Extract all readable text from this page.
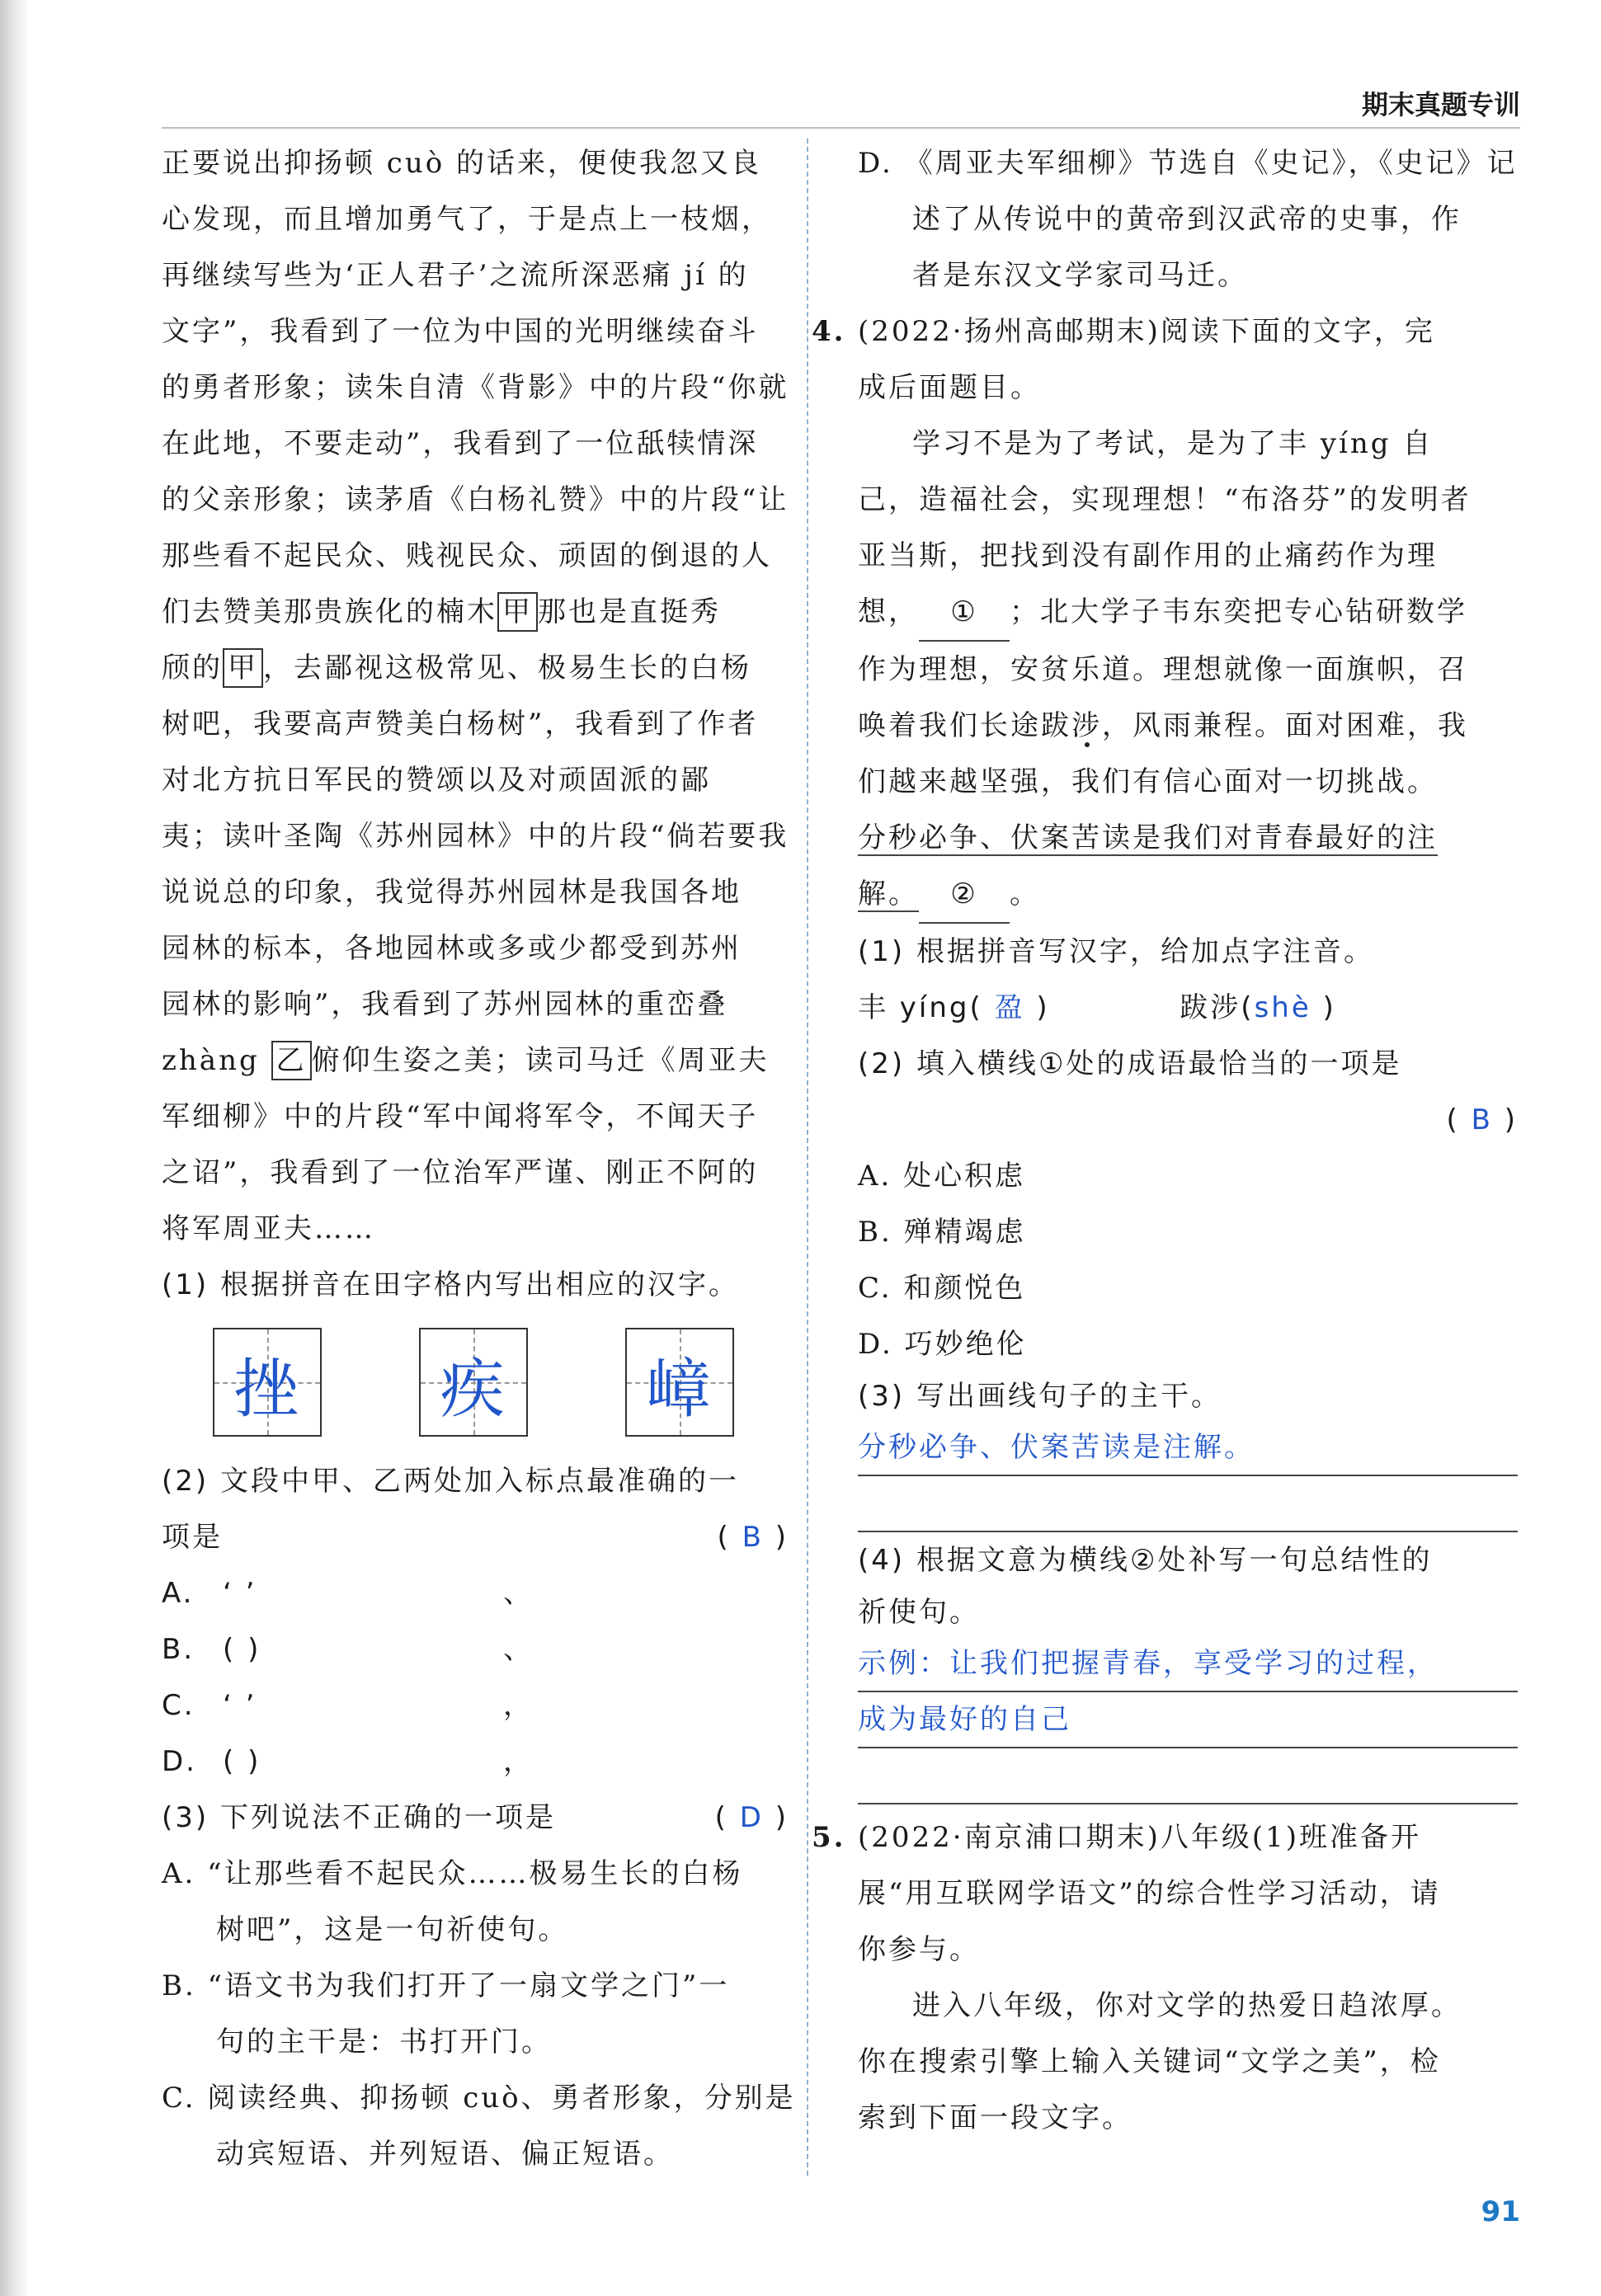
期末真题专训

正要说出抑扬顿 cuò 的话来，便使我忽又良

心发现，而且增加勇气了，于是点上一枝烟，

再继续写些为‘正人君子’之流所深恶痛 jí 的

文字”，我看到了一位为中国的光明继续奋斗

的勇者形象；读朱自清《背影》中的片段“你就

在此地，不要走动”，我看到了一位舐犊情深

的父亲形象；读茅盾《白杨礼赞》中的片段“让

那些看不起民众、贱视民众、顽固的倒退的人

们去赞美那贵族化的楠木 甲 那也是直挺秀

颀的 甲 ，去鄙视这极常见、极易生长的白杨

树吧，我要高声赞美白杨树”，我看到了作者

对北方抗日军民的赞颂以及对顽固派的鄙

夷；读叶圣陶《苏州园林》中的片段“倘若要我

说说总的印象，我觉得苏州园林是我国各地

园林的标本，各地园林或多或少都受到苏州

园林的影响”，我看到了苏州园林的重峦叠

zhàng 乙 俯仰生姿之美；读司马迁《周亚夫

军细柳》中的片段“军中闻将军令，不闻天子

之诏”，我看到了一位治军严谨、刚正不阿的

将军周亚夫……

(1) 根据拼音在田字格内写出相应的汉字。

挫	疾	嶂

(2) 文段中甲、乙两处加入标点最准确的一

项是	( B )

A.	‘ ’	、
B. ( )	、
C. ‘ ’	，
D. ( )	，

(3) 下列说法不正确的一项是	( D )

A. “让那些看不起民众……极易生长的白杨

树吧”，这是一句祈使句。

B. “语文书为我们打开了一扇文学之门”一

句的主干是：书打开门。

C. 阅读经典、抑扬顿 cuò、勇者形象，分别是

动宾短语、并列短语、偏正短语。

D. 《周亚夫军细柳》节选自《史记》，《史记》记

述了从传说中的黄帝到汉武帝的史事，作

者是东汉文学家司马迁。

4. (2022·扬州高邮期末)阅读下面的文字，完

成后面题目。

学习不是为了考试，是为了丰 yíng 自

己，造福社会，实现理想！“布洛芬”的发明者

亚当斯，把找到没有副作用的止痛药作为理

想， ① ；北大学子韦东奕把专心钻研数学

作为理想，安贫乐道。理想就像一面旗帜，召

唤着我们长途跋涉，风雨兼程。面对困难，我

们越来越坚强，我们有信心面对一切挑战。

分秒必争、伏案苦读是我们对青春最好的注

解。 ② 。

(1) 根据拼音写汉字，给加点字注音。

丰 yíng( 盈 )	跋涉(shè )

(2) 填入横线①处的成语最恰当的一项是

( B )

A. 处心积虑

B. 殚精竭虑

C. 和颜悦色

D. 巧妙绝伦

(3) 写出画线句子的主干。

分秒必争、伏案苦读是注解。

(4) 根据文意为横线②处补写一句总结性的

祈使句。

示例：让我们把握青春，享受学习的过程，
成为最好的自己

5. (2022·南京浦口期末)八年级(1)班准备开

展“用互联网学语文”的综合性学习活动，请

你参与。

进入八年级，你对文学的热爱日趋浓厚。

你在搜索引擎上输入关键词“文学之美”，检

索到下面一段文字。

91
